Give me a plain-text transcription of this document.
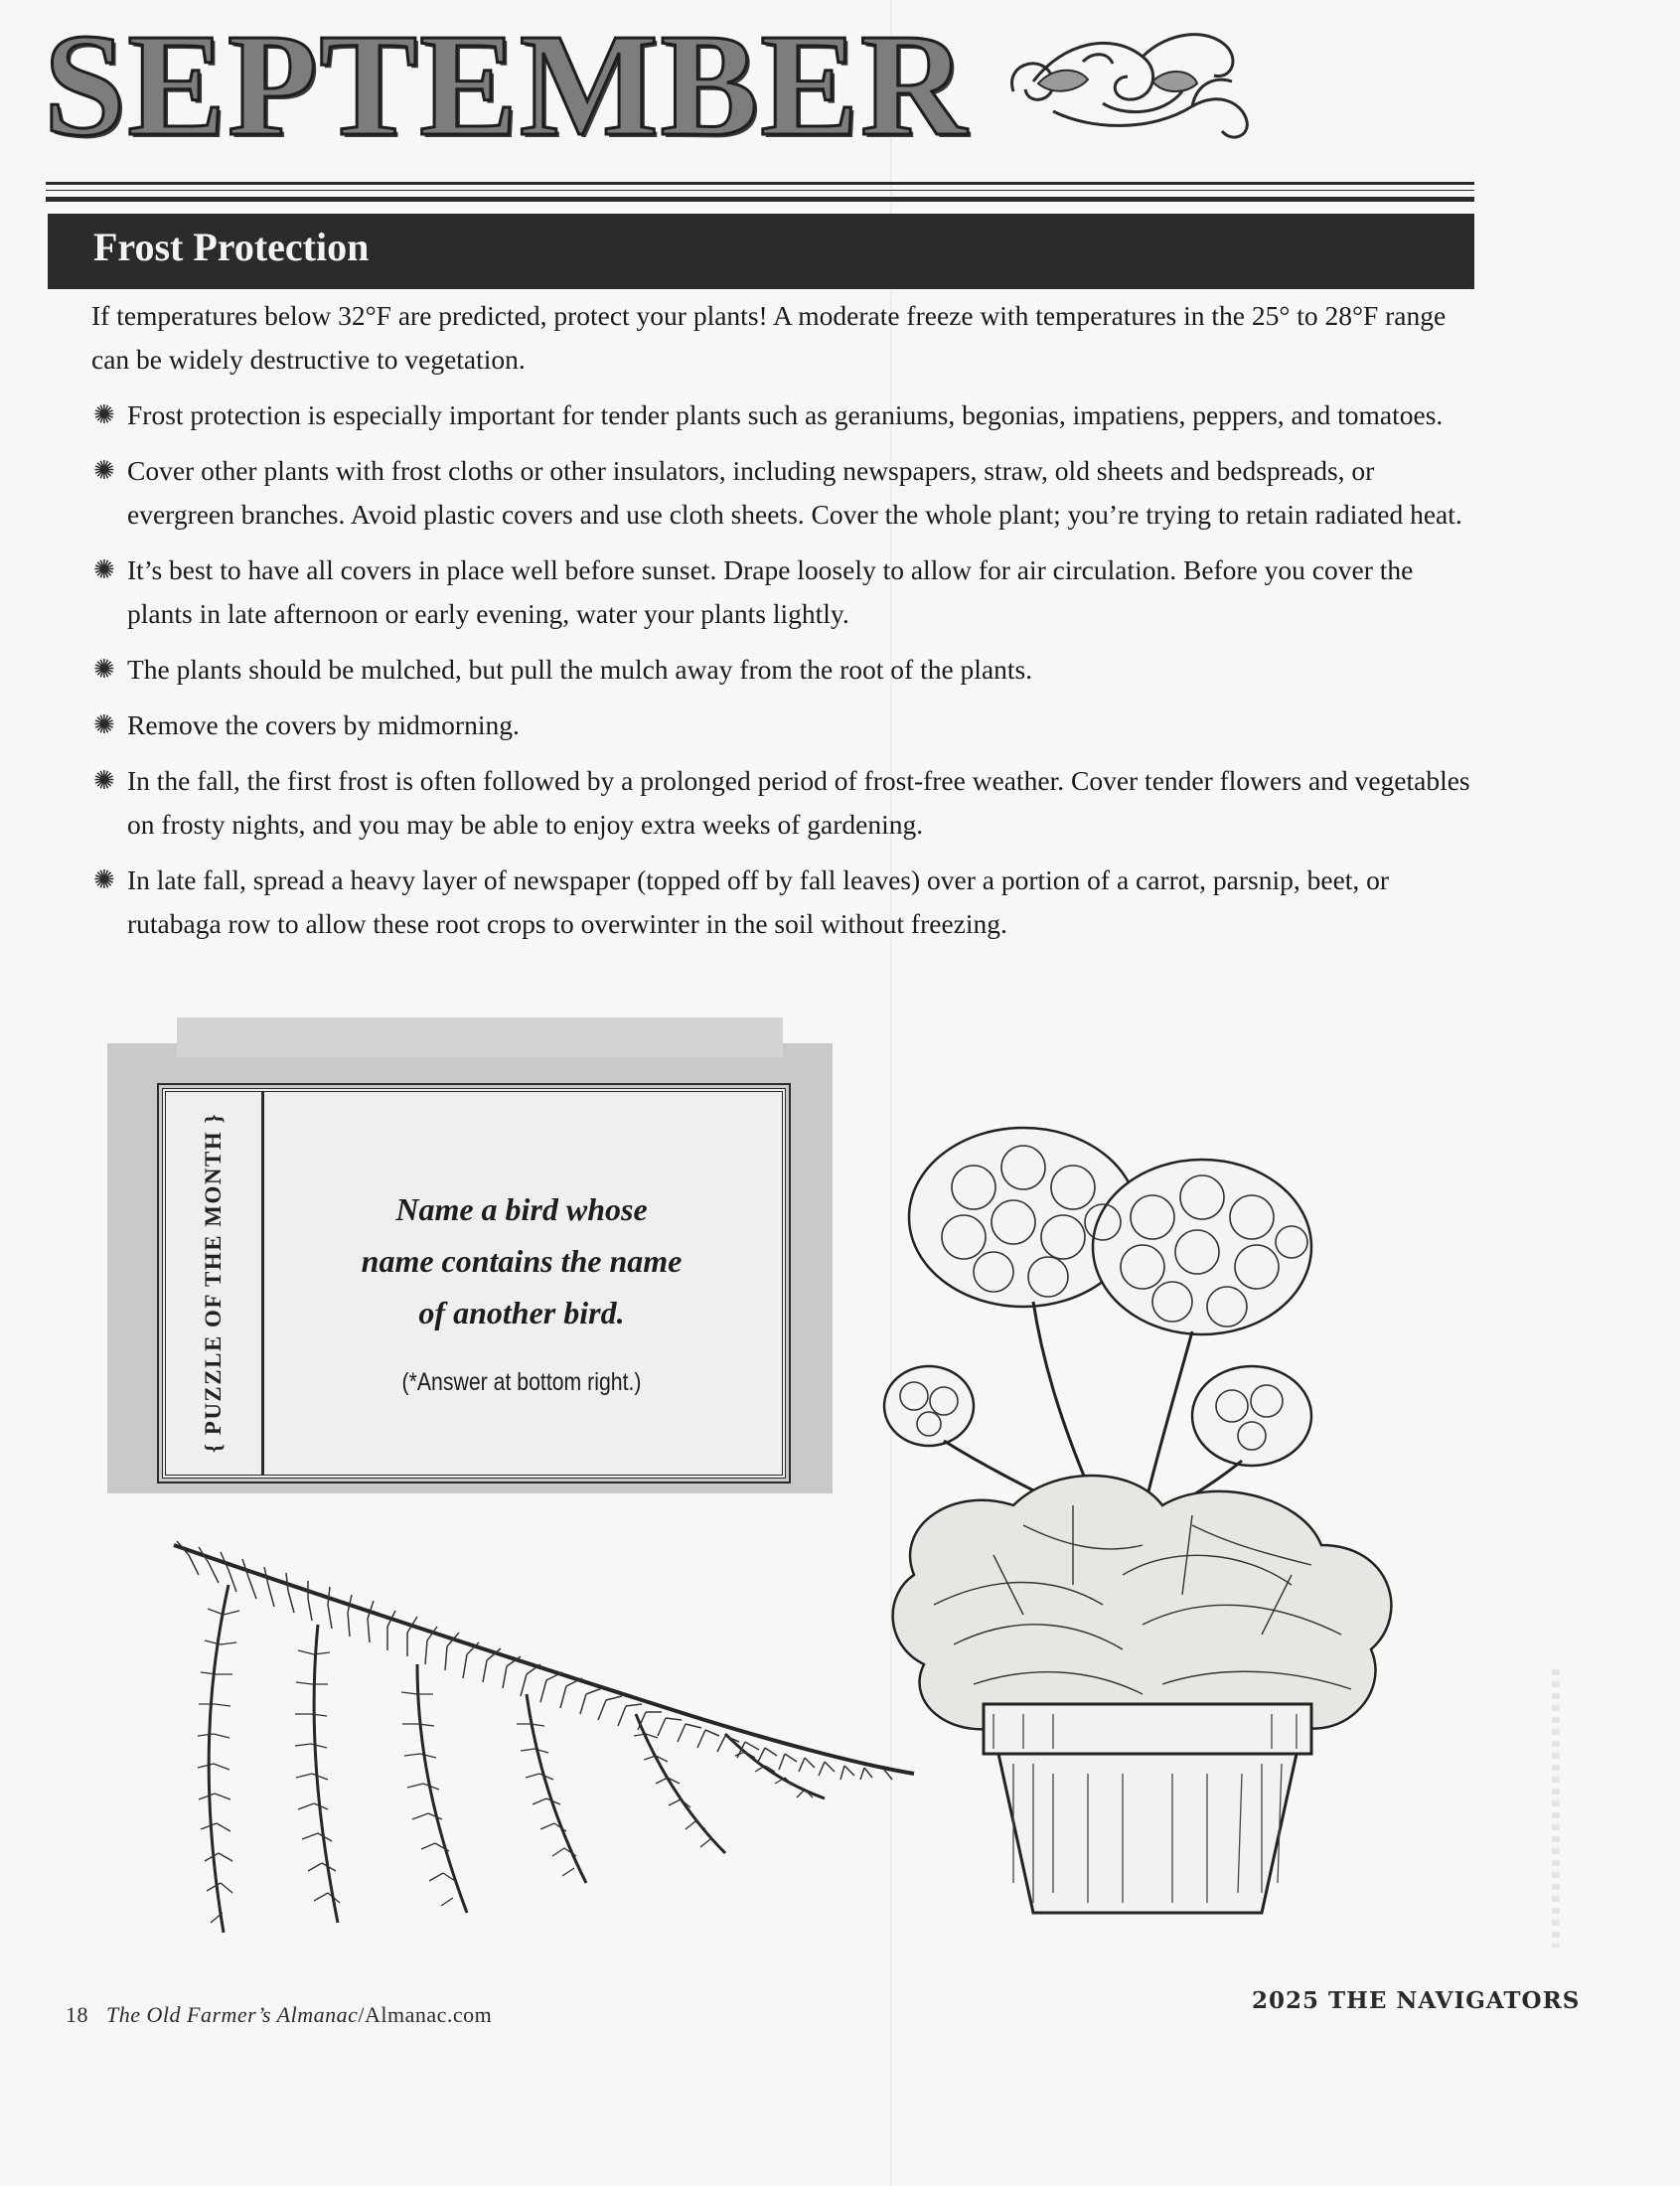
SEPTEMBER
Frost Protection

If temperatures below 32°F are predicted, protect your plants! A moderate freeze with temperatures in the 25° to 28°F range can be widely destructive to vegetation.

✺ Frost protection is especially important for tender plants such as geraniums, begonias, impatiens, peppers, and tomatoes.
✺ Cover other plants with frost cloths or other insulators, including newspapers, straw, old sheets and bedspreads, or evergreen branches. Avoid plastic covers and use cloth sheets. Cover the whole plant; you’re trying to retain radiated heat.
✺ It’s best to have all covers in place well before sunset. Drape loosely to allow for air circulation. Before you cover the plants in late afternoon or early evening, water your plants lightly.
✺ The plants should be mulched, but pull the mulch away from the root of the plants.
✺ Remove the covers by midmorning.
✺ In the fall, the first frost is often followed by a prolonged period of frost-free weather. Cover tender flowers and vegetables on frosty nights, and you may be able to enjoy extra weeks of gardening.
✺ In late fall, spread a heavy layer of newspaper (topped off by fall leaves) over a portion of a carrot, parsnip, beet, or rutabaga row to allow these root crops to overwinter in the soil without freezing.
{ PUZZLE OF THE MONTH }	Name a bird whose
name contains the name
of another bird.
(*Answer at bottom right.)
18 The Old Farmer’s Almanac/Almanac.com
2025 THE NAVIGATORS
